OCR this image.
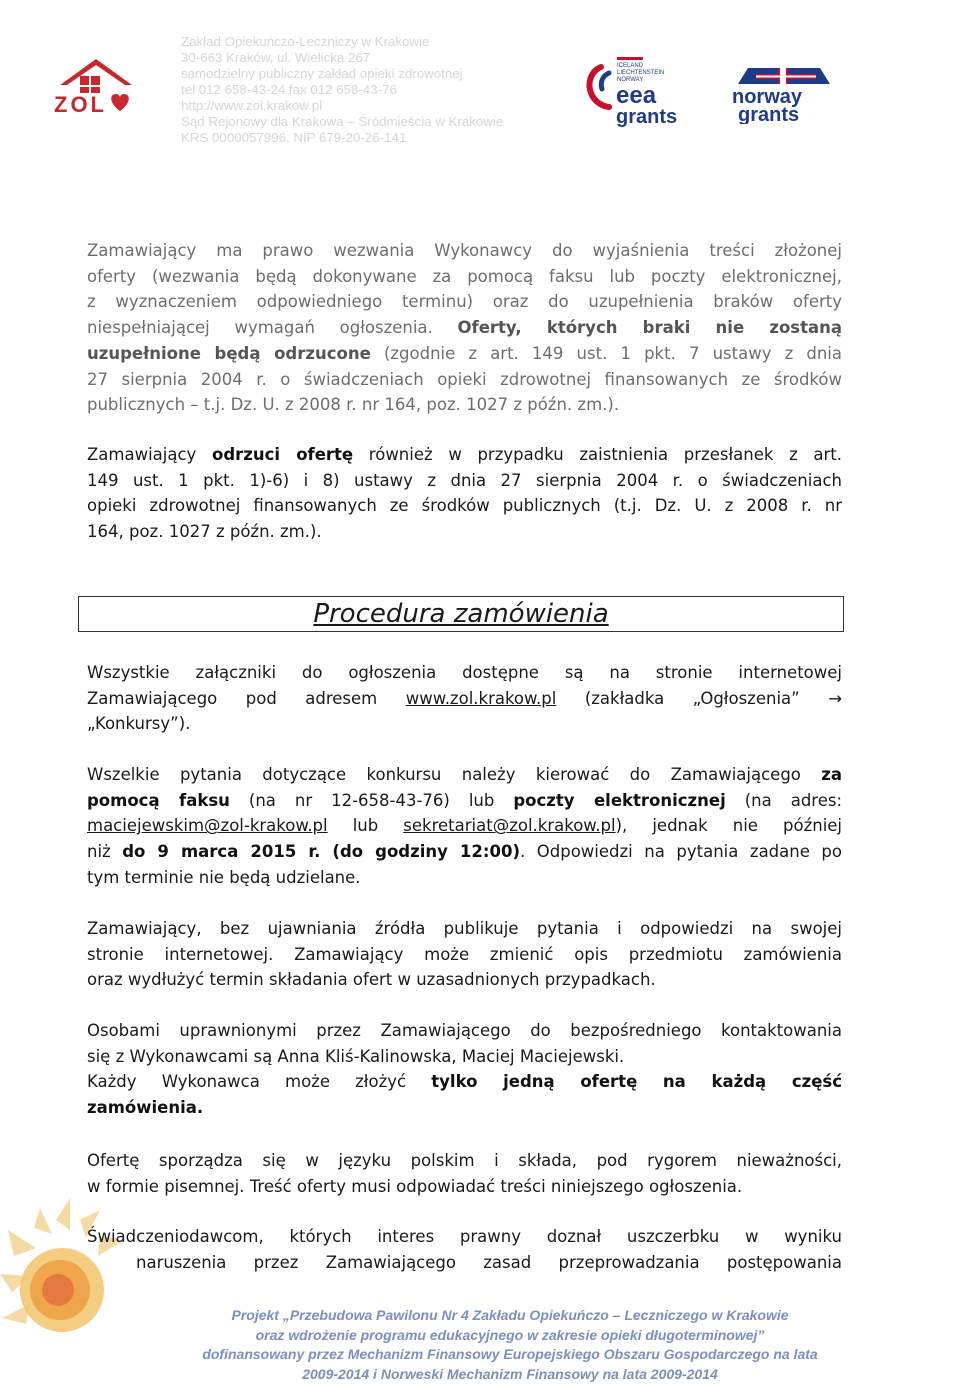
Zakład Opiekuńczo-Leczniczy w Krakowie
30-663 Kraków, ul. Wielicka 267
samodzielny publiczny zakład opieki zdrowotnej
tel 012 658-43-24 fax 012 658-43-76
http://www.zol.krakow.pl
Sąd Rejonowy dla Krakowa – Śródmieścia w Krakowie
KRS 0000057996, NIP 679-20-26-141
ZOL
ICELAND
LIECHTENSTEIN
NORWAY
eea
grants
norway
grants
Zamawiający ma prawo wezwania Wykonawcy do wyjaśnienia treści złożonej
oferty (wezwania będą dokonywane za pomocą faksu lub poczty elektronicznej,
z wyznaczeniem odpowiedniego terminu) oraz do uzupełnienia braków oferty
niespełniającej wymagań ogłoszenia. Oferty, których braki nie zostaną
uzupełnione będą odrzucone (zgodnie z art. 149 ust. 1 pkt. 7 ustawy z dnia
27 sierpnia 2004 r. o świadczeniach opieki zdrowotnej finansowanych ze środków
publicznych – t.j. Dz. U. z 2008 r. nr 164, poz. 1027 z późn. zm.).
Zamawiający odrzuci ofertę również w przypadku zaistnienia przesłanek z art.
149 ust. 1 pkt. 1)-6) i 8) ustawy z dnia 27 sierpnia 2004 r. o świadczeniach
opieki zdrowotnej finansowanych ze środków publicznych (t.j. Dz. U. z 2008 r. nr
164, poz. 1027 z późn. zm.).
Procedura zamówienia
Wszystkie załączniki do ogłoszenia dostępne są na stronie internetowej
Zamawiającego pod adresem www.zol.krakow.pl (zakładka „Ogłoszenia” →
„Konkursy”).
Wszelkie pytania dotyczące konkursu należy kierować do Zamawiającego za
pomocą faksu (na nr 12-658-43-76) lub poczty elektronicznej (na adres:
maciejewskim@zol-krakow.pl lub sekretariat@zol.krakow.pl), jednak nie później
niż do 9 marca 2015 r. (do godziny 12:00). Odpowiedzi na pytania zadane po
tym terminie nie będą udzielane.
Zamawiający, bez ujawniania źródła publikuje pytania i odpowiedzi na swojej
stronie internetowej. Zamawiający może zmienić opis przedmiotu zamówienia
oraz wydłużyć termin składania ofert w uzasadnionych przypadkach.
Osobami uprawnionymi przez Zamawiającego do bezpośredniego kontaktowania
się z Wykonawcami są Anna Kliś-Kalinowska, Maciej Maciejewski.
Każdy Wykonawca może złożyć tylko jedną ofertę na każdą część
zamówienia.
Ofertę sporządza się w języku polskim i składa, pod rygorem nieważności,
w formie pisemnej. Treść oferty musi odpowiadać treści niniejszego ogłoszenia.
Świadczeniodawcom, których interes prawny doznał uszczerbku w wyniku
naruszenia przez Zamawiającego zasad przeprowadzania postępowania
Projekt „Przebudowa Pawilonu Nr 4 Zakładu Opiekuńczo – Leczniczego w Krakowie
oraz wdrożenie programu edukacyjnego w zakresie opieki długoterminowej”
dofinansowany przez Mechanizm Finansowy Europejskiego Obszaru Gospodarczego na lata
2009-2014 i Norweski Mechanizm Finansowy na lata 2009-2014
